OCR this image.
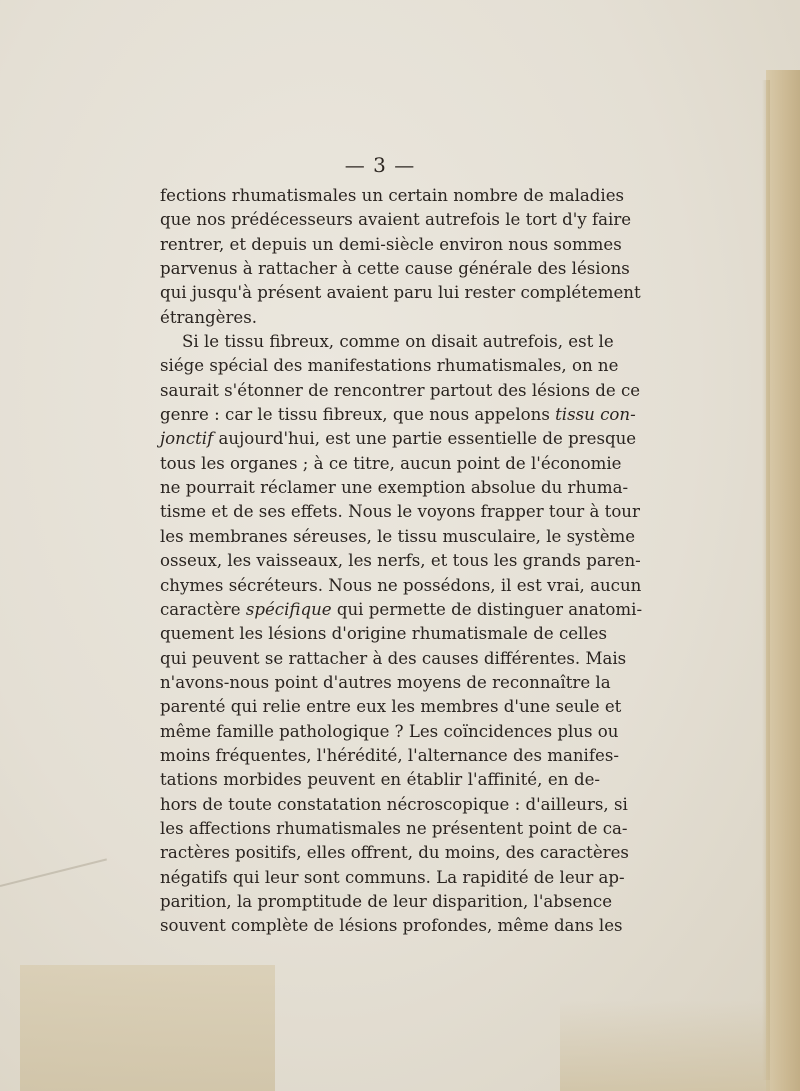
— 3 —
fections rhumatismales un certain nombre de maladies
que nos prédécesseurs avaient autrefois le tort d'y faire
rentrer, et depuis un demi-siècle environ nous sommes
parvenus à rattacher à cette cause générale des lésions
qui jusqu'à présent avaient paru lui rester complétement
étrangères.
Si le tissu fibreux, comme on disait autrefois, est le
siége spécial des manifestations rhumatismales, on ne
saurait s'étonner de rencontrer partout des lésions de ce
genre : car le tissu fibreux, que nous appelons tissu con-
jonctif aujourd'hui, est une partie essentielle de presque
tous les organes ; à ce titre, aucun point de l'économie
ne pourrait réclamer une exemption absolue du rhuma-
tisme et de ses effets. Nous le voyons frapper tour à tour
les membranes séreuses, le tissu musculaire, le système
osseux, les vaisseaux, les nerfs, et tous les grands paren-
chymes sécréteurs. Nous ne possédons, il est vrai, aucun
caractère spécifique qui permette de distinguer anatomi-
quement les lésions d'origine rhumatismale de celles
qui peuvent se rattacher à des causes différentes. Mais
n'avons-nous point d'autres moyens de reconnaître la
parenté qui relie entre eux les membres d'une seule et
même famille pathologique ? Les coïncidences plus ou
moins fréquentes, l'hérédité, l'alternance des manifes-
tations morbides peuvent en établir l'affinité, en de-
hors de toute constatation nécroscopique : d'ailleurs, si
les affections rhumatismales ne présentent point de ca-
ractères positifs, elles offrent, du moins, des caractères
négatifs qui leur sont communs. La rapidité de leur ap-
parition, la promptitude de leur disparition, l'absence
souvent complète de lésions profondes, même dans les
